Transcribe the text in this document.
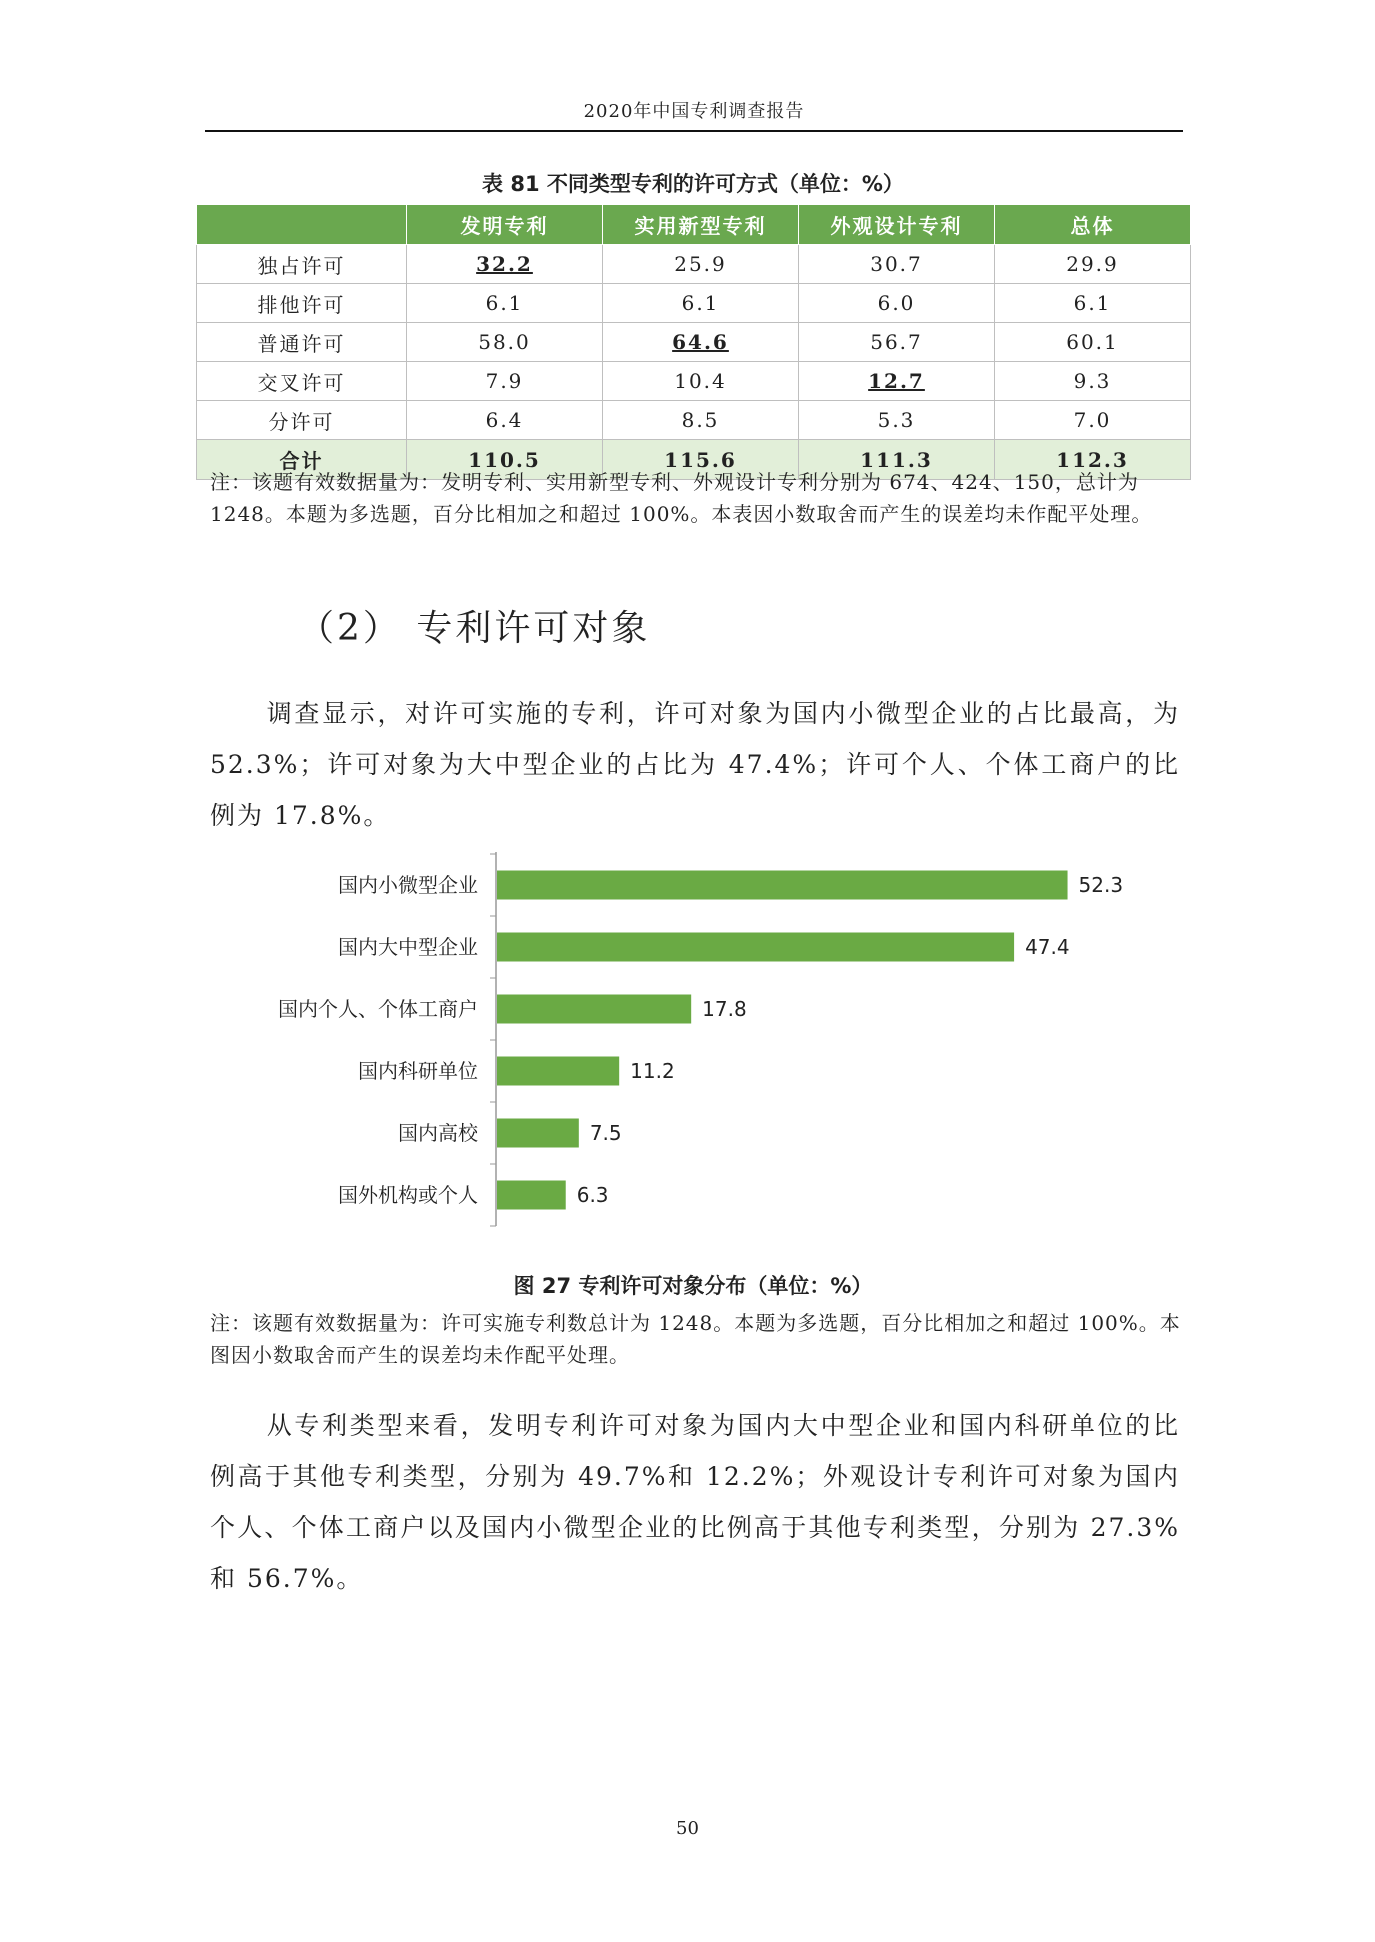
2020年中国专利调查报告
表 81 不同类型专利的许可方式（单位：%）
	发明专利	实用新型专利	外观设计专利	总体
独占许可	32.2	25.9	30.7	29.9
排他许可	6.1	6.1	6.0	6.1
普通许可	58.0	64.6	56.7	60.1
交叉许可	7.9	10.4	12.7	9.3
分许可	6.4	8.5	5.3	7.0
合计	110.5	115.6	111.3	112.3
注：该题有效数据量为：发明专利、实用新型专利、外观设计专利分别为 674、424、150，总计为 1248。本题为多选题，百分比相加之和超过 100%。本表因小数取舍而产生的误差均未作配平处理。
（2） 专利许可对象
调查显示，对许可实施的专利，许可对象为国内小微型企业的占比最高，为 52.3%；许可对象为大中型企业的占比为 47.4%；许可个人、个体工商户的比例为 17.8%。
国内小微型企业	52.3
国内大中型企业	47.4
国内个人、个体工商户	17.8
国内科研单位	11.2
国内高校	7.5
国外机构或个人	6.3
图 27 专利许可对象分布（单位：%）
注：该题有效数据量为：许可实施专利数总计为 1248。本题为多选题，百分比相加之和超过 100%。本图因小数取舍而产生的误差均未作配平处理。
从专利类型来看，发明专利许可对象为国内大中型企业和国内科研单位的比例高于其他专利类型，分别为 49.7%和 12.2%；外观设计专利许可对象为国内个人、个体工商户以及国内小微型企业的比例高于其他专利类型，分别为 27.3%和 56.7%。
50
